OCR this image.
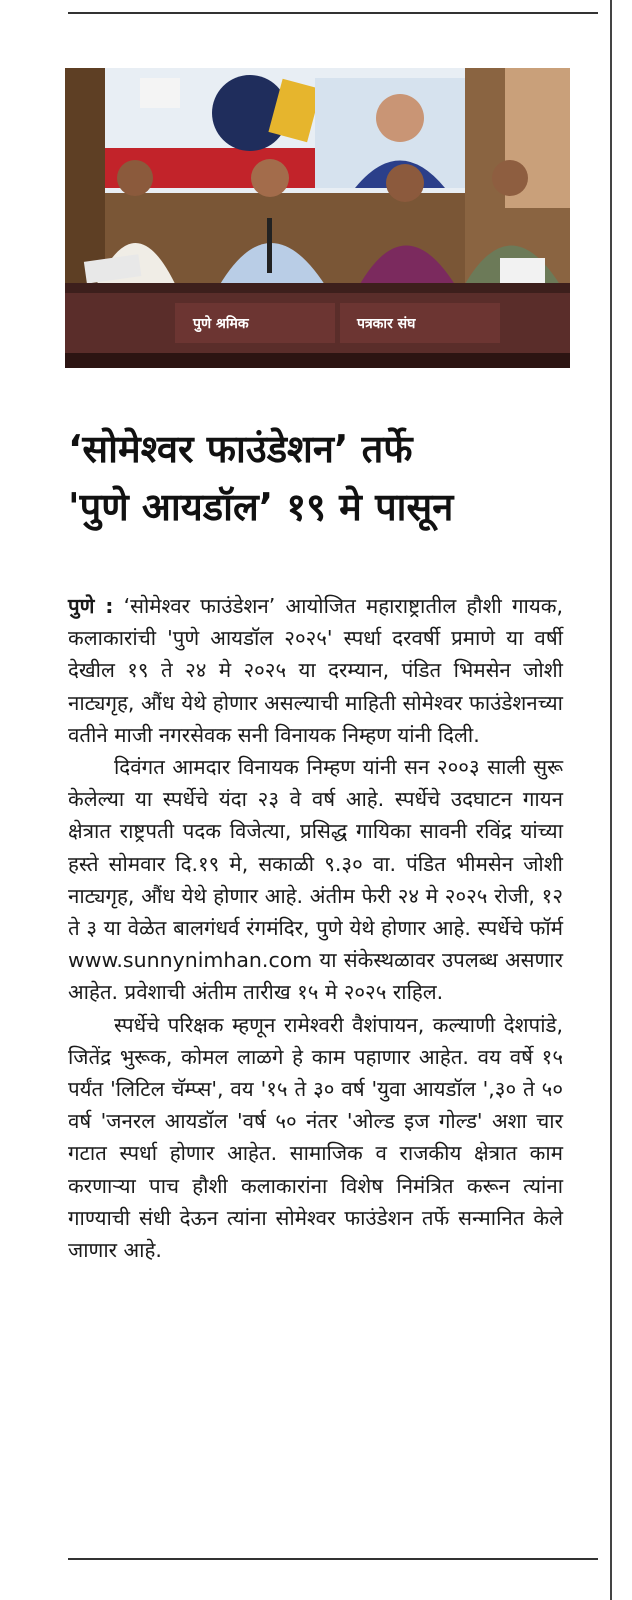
पुणे श्रमिक	पत्रकार संघ
‘सोमेश्वर फाउंडेशन’ तर्फे
'पुणे आयडॉल’ १९ मे पासून

पुणे : ‘सोमेश्वर फाउंडेशन’ आयोजित महाराष्ट्रातील हौशी गायक, कलाकारांची 'पुणे आयडॉल २०२५' स्पर्धा दरवर्षी प्रमाणे या वर्षी देखील १९ ते २४ मे २०२५ या दरम्यान, पंडित भिमसेन जोशी नाट्यगृह, औंध येथे होणार असल्याची माहिती सोमेश्वर फाउंडेशनच्या वतीने माजी नगरसेवक सनी विनायक निम्हण यांनी दिली.

दिवंगत आमदार विनायक निम्हण यांनी सन २००३ साली सुरू केलेल्या या स्पर्धेचे यंदा २३ वे वर्ष आहे. स्पर्धेचे उदघाटन गायन क्षेत्रात राष्ट्रपती पदक विजेत्या, प्रसिद्ध गायिका सावनी रविंद्र यांच्या हस्ते सोमवार दि.१९ मे, सकाळी ९.३० वा. पंडित भीमसेन जोशी नाट्यगृह, औंध येथे होणार आहे. अंतीम फेरी २४ मे २०२५ रोजी, १२ ते ३ या वेळेत बालगंधर्व रंगमंदिर, पुणे येथे होणार आहे. स्पर्धेचे फॉर्म www.sunnynimhan.com या संकेस्थळावर उपलब्ध असणार आहेत. प्रवेशाची अंतीम तारीख १५ मे २०२५ राहिल.

स्पर्धेचे परिक्षक म्हणून रामेश्वरी वैशंपायन, कल्याणी देशपांडे, जितेंद्र भुरूक, कोमल लाळगे हे काम पहाणार आहेत. वय वर्षे १५ पर्यंत 'लिटिल चॅम्प्स', वय '१५ ते ३० वर्ष 'युवा आयडॉल ',३० ते ५० वर्ष 'जनरल आयडॉल 'वर्ष ५० नंतर 'ओल्ड इज गोल्ड' अशा चार गटात स्पर्धा होणार आहेत. सामाजिक व राजकीय क्षेत्रात काम करणाऱ्या पाच हौशी कलाकारांना विशेष निमंत्रित करून त्यांना गाण्याची संधी देऊन त्यांना सोमेश्वर फाउंडेशन तर्फे सन्मानित केले जाणार आहे.
